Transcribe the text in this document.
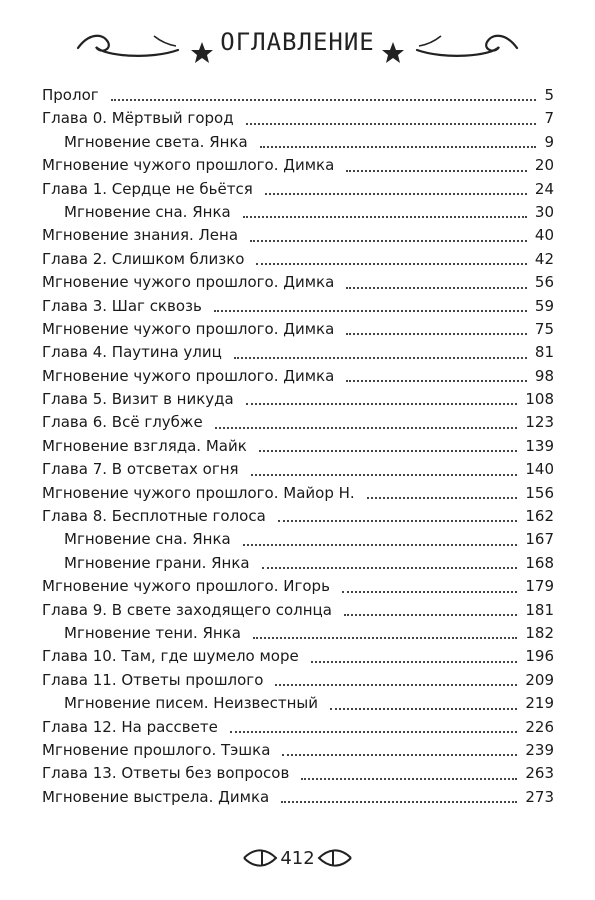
ОГЛАВЛЕНИЕ
Пролог	5
Глава 0. Мёртвый город	7
Мгновение света. Янка	9
Мгновение чужого прошлого. Димка	20
Глава 1. Сердце не бьётся	24
Мгновение сна. Янка	30
Мгновение знания. Лена	40
Глава 2. Слишком близко	42
Мгновение чужого прошлого. Димка	56
Глава 3. Шаг сквозь	59
Мгновение чужого прошлого. Димка	75
Глава 4. Паутина улиц	81
Мгновение чужого прошлого. Димка	98
Глава 5. Визит в никуда	108
Глава 6. Всё глубже	123
Мгновение взгляда. Майк	139
Глава 7. В отсветах огня	140
Мгновение чужого прошлого. Майор Н.	156
Глава 8. Бесплотные голоса	162
Мгновение сна. Янка	167
Мгновение грани. Янка	168
Мгновение чужого прошлого. Игорь	179
Глава 9. В свете заходящего солнца	181
Мгновение тени. Янка	182
Глава 10. Там, где шумело море	196
Глава 11. Ответы прошлого	209
Мгновение писем. Неизвестный	219
Глава 12. На рассвете	226
Мгновение прошлого. Тэшка	239
Глава 13. Ответы без вопросов	263
Мгновение выстрела. Димка	273
412
